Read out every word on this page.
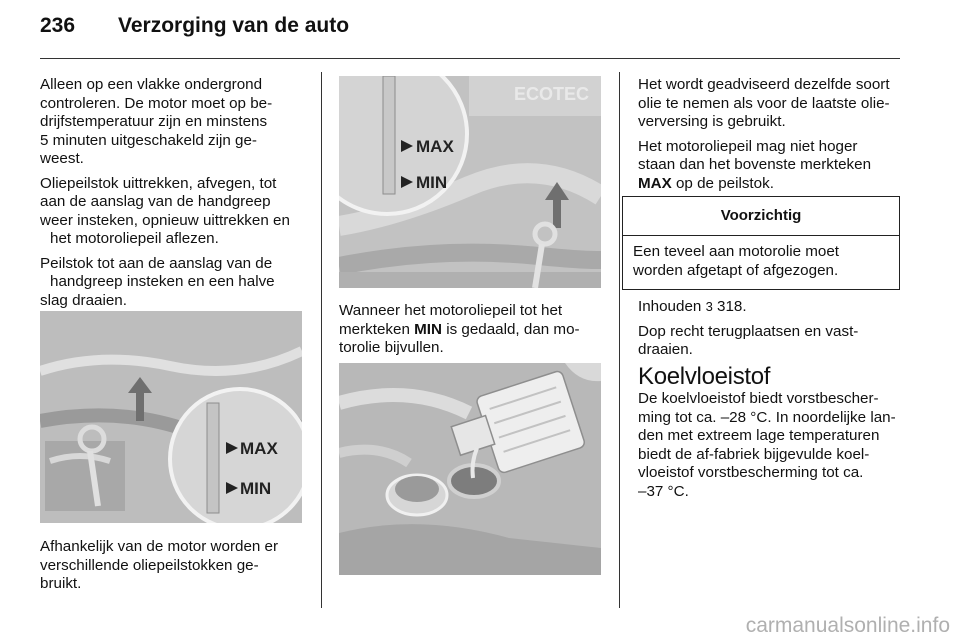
236 Verzorging van de auto

Alleen op een vlakke ondergrond
controleren. De motor moet op be-
drijfstemperatuur zijn en minstens
5 minuten uitgeschakeld zijn ge-
weest.

Oliepeilstok uittrekken, afvegen, tot
aan de aanslag van de handgreep
weer insteken, opnieuw uittrekken en
het motoroliepeil aflezen.

Peilstok tot aan de aanslag van de
handgreep insteken en een halve
slag draaien.

MAX
MIN
Afhankelijk van de motor worden er
verschillende oliepeilstokken ge-
bruikt.
ECOTEC
MAX
MIN
Wanneer het motoroliepeil tot het
merkteken MIN is gedaald, dan mo-
torolie bijvullen.

Het wordt geadviseerd dezelfde soort
olie te nemen als voor de laatste olie-
verversing is gebruikt.

Het motoroliepeil mag niet hoger
staan dan het bovenste merkteken
MAX op de peilstok.

Voorzichtig
Een teveel aan motorolie moet
worden afgetapt of afgezogen.

Inhouden 3 318.

Dop recht terugplaatsen en vast-
draaien.

Koelvloeistof

De koelvloeistof biedt vorstbescher-
ming tot ca. –28 °C. In noordelijke lan-
den met extreem lage temperaturen
biedt de af-fabriek bijgevulde koel-
vloeistof vorstbescherming tot ca.
–37 °C.

carmanualsonline.info
